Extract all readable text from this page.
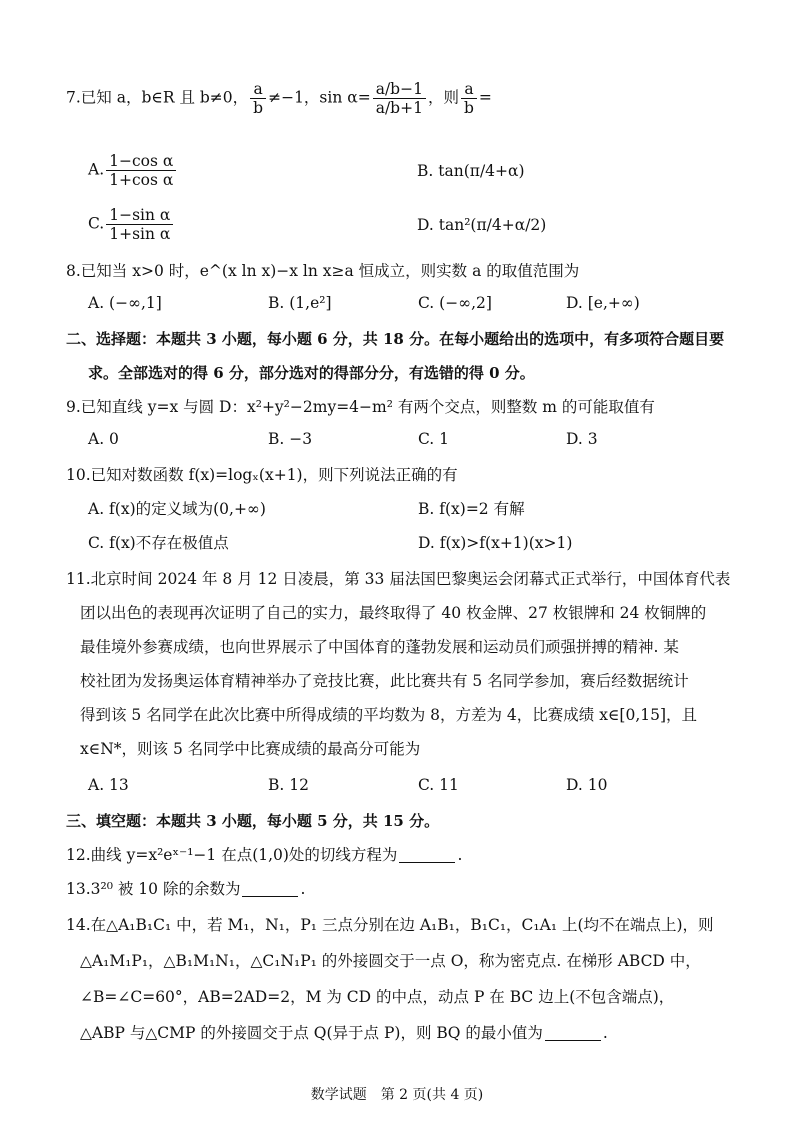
7.已知 a，b∈R 且 b≠0， $\frac{a}{b} \ne-1$，$\sin \alpha= \frac{a/b-1}{a/b+1}$ ，则 $\frac{a}{b}$ =
A. $\frac{\text{1−cos α}}{\text{1+cos α}}$	B. tan(π/4+α)
C. $\frac{\text{1−sin α}}{\text{1+sin α}}$	D. tan²(π/4+α/2)
8.已知当 x>0 时，e^(x ln x)−x ln x≥a 恒成立，则实数 a 的取值范围为
A. (−∞,1]	B. (1,e²]	C. (−∞,2]	D. [e,+∞)
二、选择题：本题共 3 小题，每小题 6 分，共 18 分。在每小题给出的选项中，有多项符合题目要
求。全部选对的得 6 分，部分选对的得部分分，有选错的得 0 分。
9.已知直线 y=x 与圆 D：x²+y²−2my=4−m² 有两个交点，则整数 m 的可能取值有
A. 0	B. −3	C. 1	D. 3
10.已知对数函数 f(x)=logₓ(x+1)，则下列说法正确的有
A. f(x)的定义域为(0,+∞)	B. f(x)=2 有解
C. f(x)不存在极值点	D. f(x)>f(x+1)(x>1)
11.北京时间 2024 年 8 月 12 日凌晨，第 33 届法国巴黎奥运会闭幕式正式举行，中国体育代表
团以出色的表现再次证明了自己的实力，最终取得了 40 枚金牌、27 枚银牌和 24 枚铜牌的
最佳境外参赛成绩，也向世界展示了中国体育的蓬勃发展和运动员们顽强拼搏的精神. 某
校社团为发扬奥运体育精神举办了竞技比赛，此比赛共有 5 名同学参加，赛后经数据统计
得到该 5 名同学在此次比赛中所得成绩的平均数为 8，方差为 4，比赛成绩 x∈[0,15]，且
x∈N*，则该 5 名同学中比赛成绩的最高分可能为
A. 13	B. 12	C. 11	D. 10
三、填空题：本题共 3 小题，每小题 5 分，共 15 分。
12.曲线 y=x²eˣ⁻¹−1 在点(1,0)处的切线方程为	.
13.3²⁰ 被 10 除的余数为	.
14.在△A₁B₁C₁ 中，若 M₁，N₁，P₁ 三点分别在边 A₁B₁，B₁C₁，C₁A₁ 上(均不在端点上)，则
△A₁M₁P₁，△B₁M₁N₁，△C₁N₁P₁ 的外接圆交于一点 O，称为密克点. 在梯形 ABCD 中，
∠B=∠C=60°，AB=2AD=2，M 为 CD 的中点，动点 P 在 BC 边上(不包含端点)，
△ABP 与△CMP 的外接圆交于点 Q(异于点 P)，则 BQ 的最小值为	.
数学试题　第 2 页(共 4 页)
